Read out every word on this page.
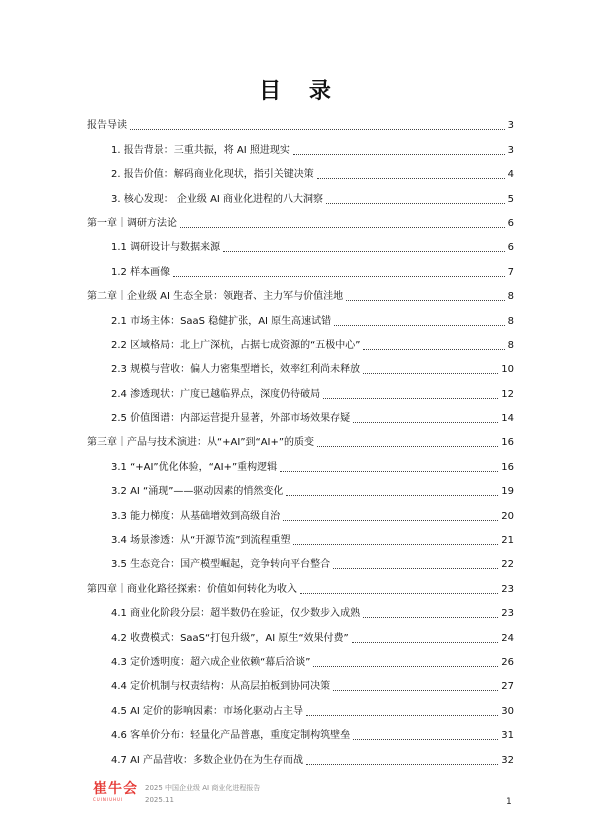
目 录
报告导读	3
1. 报告背景：三重共振，将 AI 照进现实	3
2. 报告价值：解码商业化现状，指引关键决策	4
3. 核心发现： 企业级 AI 商业化进程的八大洞察	5
第一章｜调研方法论	6
1.1 调研设计与数据来源	6
1.2 样本画像	7
第二章｜企业级 AI 生态全景：领跑者、主力军与价值洼地	8
2.1 市场主体：SaaS 稳健扩张，AI 原生高速试错	8
2.2 区域格局：北上广深杭，占据七成资源的“五极中心”	8
2.3 规模与营收：偏人力密集型增长，效率红利尚未释放	10
2.4 渗透现状：广度已越临界点，深度仍待破局	12
2.5 价值图谱：内部运营提升显著，外部市场效果存疑	14
第三章｜产品与技术演进：从“+AI”到“AI+”的质变	16
3.1 “+AI”优化体验，“AI+”重构逻辑	16
3.2 AI “涌现”——驱动因素的悄然变化	19
3.3 能力梯度：从基础增效到高级自治	20
3.4 场景渗透：从“开源节流”到流程重塑	21
3.5 生态竞合：国产模型崛起，竞争转向平台整合	22
第四章｜商业化路径探索：价值如何转化为收入	23
4.1 商业化阶段分层：超半数仍在验证，仅少数步入成熟	23
4.2 收费模式：SaaS“打包升级”，AI 原生“效果付费”	24
4.3 定价透明度：超六成企业依赖“幕后洽谈”	26
4.4 定价机制与权责结构：从高层拍板到协同决策	27
4.5 AI 定价的影响因素：市场化驱动占主导	30
4.6 客单价分布：轻量化产品普惠，重度定制构筑壁垒	31
4.7 AI 产品营收：多数企业仍在为生存而战	32
崔牛会
CUINIUHUI
2025 中国企业级 AI 商业化进程报告
2025.11	1
